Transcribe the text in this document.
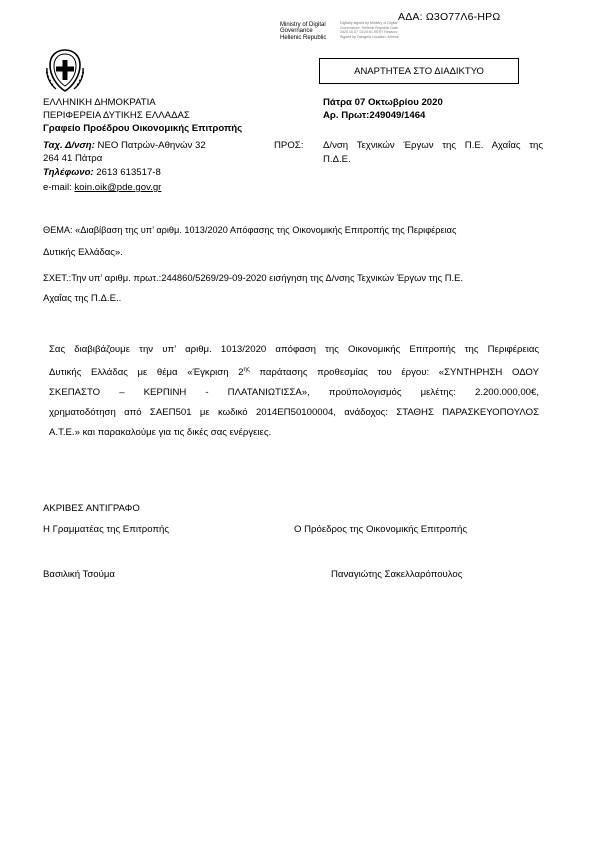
ΑΔΑ: Ω3Ο77Λ6-ΗΡΩ
Ministry of Digital
Governance
Hellenic Republic
Digitally signed by Ministry of Digital Governance, Hellenic Republic Date: 2020.10.07 13:20:51 EEST Reason: Signed by Diavgeia Location: Athens
ΑΝΑΡΤΗΤΕΑ ΣΤΟ ΔΙΑΔΙΚΤΥΟ
ΕΛΛΗΝΙΚΗ ΔΗΜΟΚΡΑΤΙΑ
ΠΕΡΙΦΕΡΕΙΑ ΔΥΤΙΚΗΣ ΕΛΛΑΔΑΣ
Γραφείο Προέδρου Οικονομικής Επιτροπής
Ταχ. Δ/νση: ΝΕΟ Πατρών-Αθηνών 32
264 41 Πάτρα
Τηλέφωνο: 2613 613517-8
e-mail: koin.oik@pde.gov.gr
Πάτρα 07 Οκτωβρίου 2020
Αρ. Πρωτ:249049/1464
ΠΡΟΣ: Δ/νση Τεχνικών Έργων της Π.Ε. Αχαΐας της
Π.Δ.Ε.
ΘΕΜΑ: «Διαβίβαση της υπ’ αριθμ. 1013/2020 Απόφασης της Οικονομικής Επιτροπής της Περιφέρειας
Δυτικής Ελλάδας».
ΣΧΕΤ.:Την υπ’ αριθμ. πρωτ.:244860/5269/29-09-2020 εισήγηση της Δ/νσης Τεχνικών Έργων της Π.Ε.
Αχαΐας της Π.Δ.Ε..
Σας διαβιβάζουμε την υπ’ αριθμ. 1013/2020 απόφαση της Οικονομικής Επιτροπής της Περιφέρειας
Δυτικής Ελλάδας με θέμα «Έγκριση $2^{\eta\varsigma}$ παράτασης προθεσμίας του έργου: «ΣΥΝΤΗΡΗΣΗ ΟΔΟΥ
ΣΚΕΠΑΣΤΟ – ΚΕΡΠΙΝΗ - ΠΛΑΤΑΝΙΩΤΙΣΣΑ», προϋπολογισμός μελέτης: 2.200.000,00€,
χρηματοδότηση από ΣΑΕΠ501 με κωδικό 2014ΕΠ50100004, ανάδοχος: ΣΤΑΘΗΣ ΠΑΡΑΣΚΕΥΟΠΟΥΛΟΣ
Α.Τ.Ε.» και παρακαλούμε για τις δικές σας ενέργειες.
ΑΚΡΙΒΕΣ ΑΝΤΙΓΡΑΦΟ
Η Γραμματέας της Επιτροπής	Ο Πρόεδρος της Οικονομικής Επιτροπής
Βασιλική Τσούμα	Παναγιώτης Σακελλαρόπουλος
